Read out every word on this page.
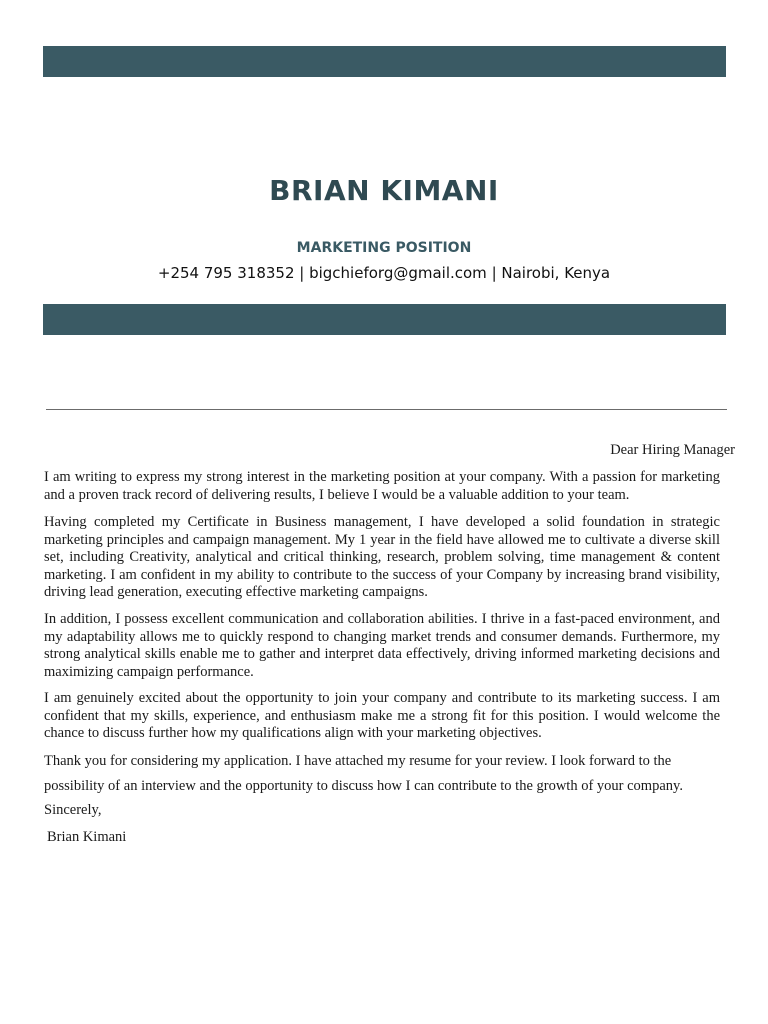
BRIAN KIMANI
MARKETING POSITION
+254 795 318352 | bigchieforg@gmail.com | Nairobi, Kenya
Dear Hiring Manager
I am writing to express my strong interest in the marketing position at your company. With a passion for marketing and a proven track record of delivering results, I believe I would be a valuable addition to your team.
Having completed my Certificate in Business management, I have developed a solid foundation in strategic marketing principles and campaign management. My 1 year in the field have allowed me to cultivate a diverse skill set, including Creativity, analytical and critical thinking, research, problem solving, time management & content marketing. I am confident in my ability to contribute to the success of your Company by increasing brand visibility, driving lead generation, executing effective marketing campaigns.
In addition, I possess excellent communication and collaboration abilities. I thrive in a fast-paced environment, and my adaptability allows me to quickly respond to changing market trends and consumer demands. Furthermore, my strong analytical skills enable me to gather and interpret data effectively, driving informed marketing decisions and maximizing campaign performance.
I am genuinely excited about the opportunity to join your company and contribute to its marketing success. I am confident that my skills, experience, and enthusiasm make me a strong fit for this position. I would welcome the chance to discuss further how my qualifications align with your marketing objectives.
Thank you for considering my application. I have attached my resume for your review. I look forward to the
possibility of an interview and the opportunity to discuss how I can contribute to the growth of your company.
Sincerely,
Brian Kimani
